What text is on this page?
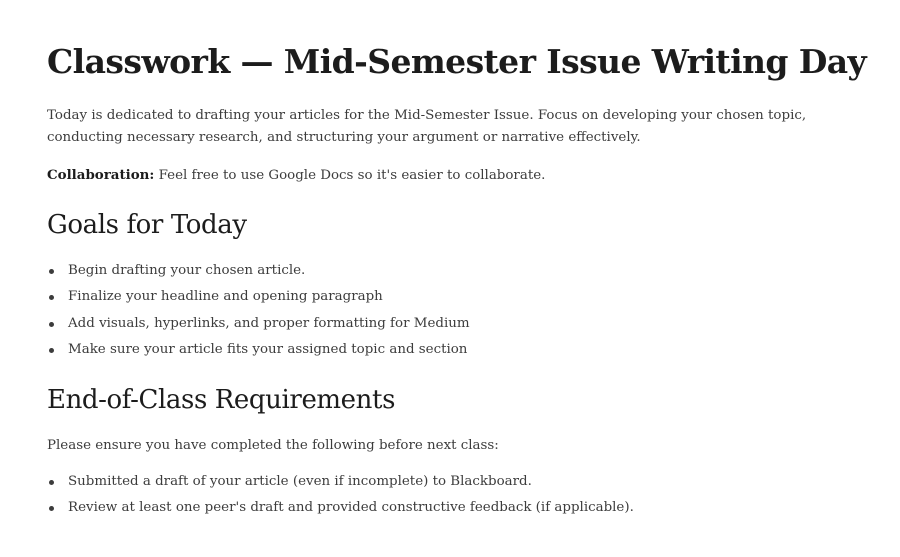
Classwork — Mid-Semester Issue Writing Day

Today is dedicated to drafting your articles for the Mid-Semester Issue. Focus on developing your chosen topic, conducting necessary research, and structuring your argument or narrative effectively.

Collaboration: Feel free to use Google Docs so it's easier to collaborate.

Goals for Today
Begin drafting your chosen article.
Finalize your headline and opening paragraph
Add visuals, hyperlinks, and proper formatting for Medium
Make sure your article fits your assigned topic and section
End-of-Class Requirements

Please ensure you have completed the following before next class:

Submitted a draft of your article (even if incomplete) to Blackboard.
Review at least one peer's draft and provided constructive feedback (if applicable).
